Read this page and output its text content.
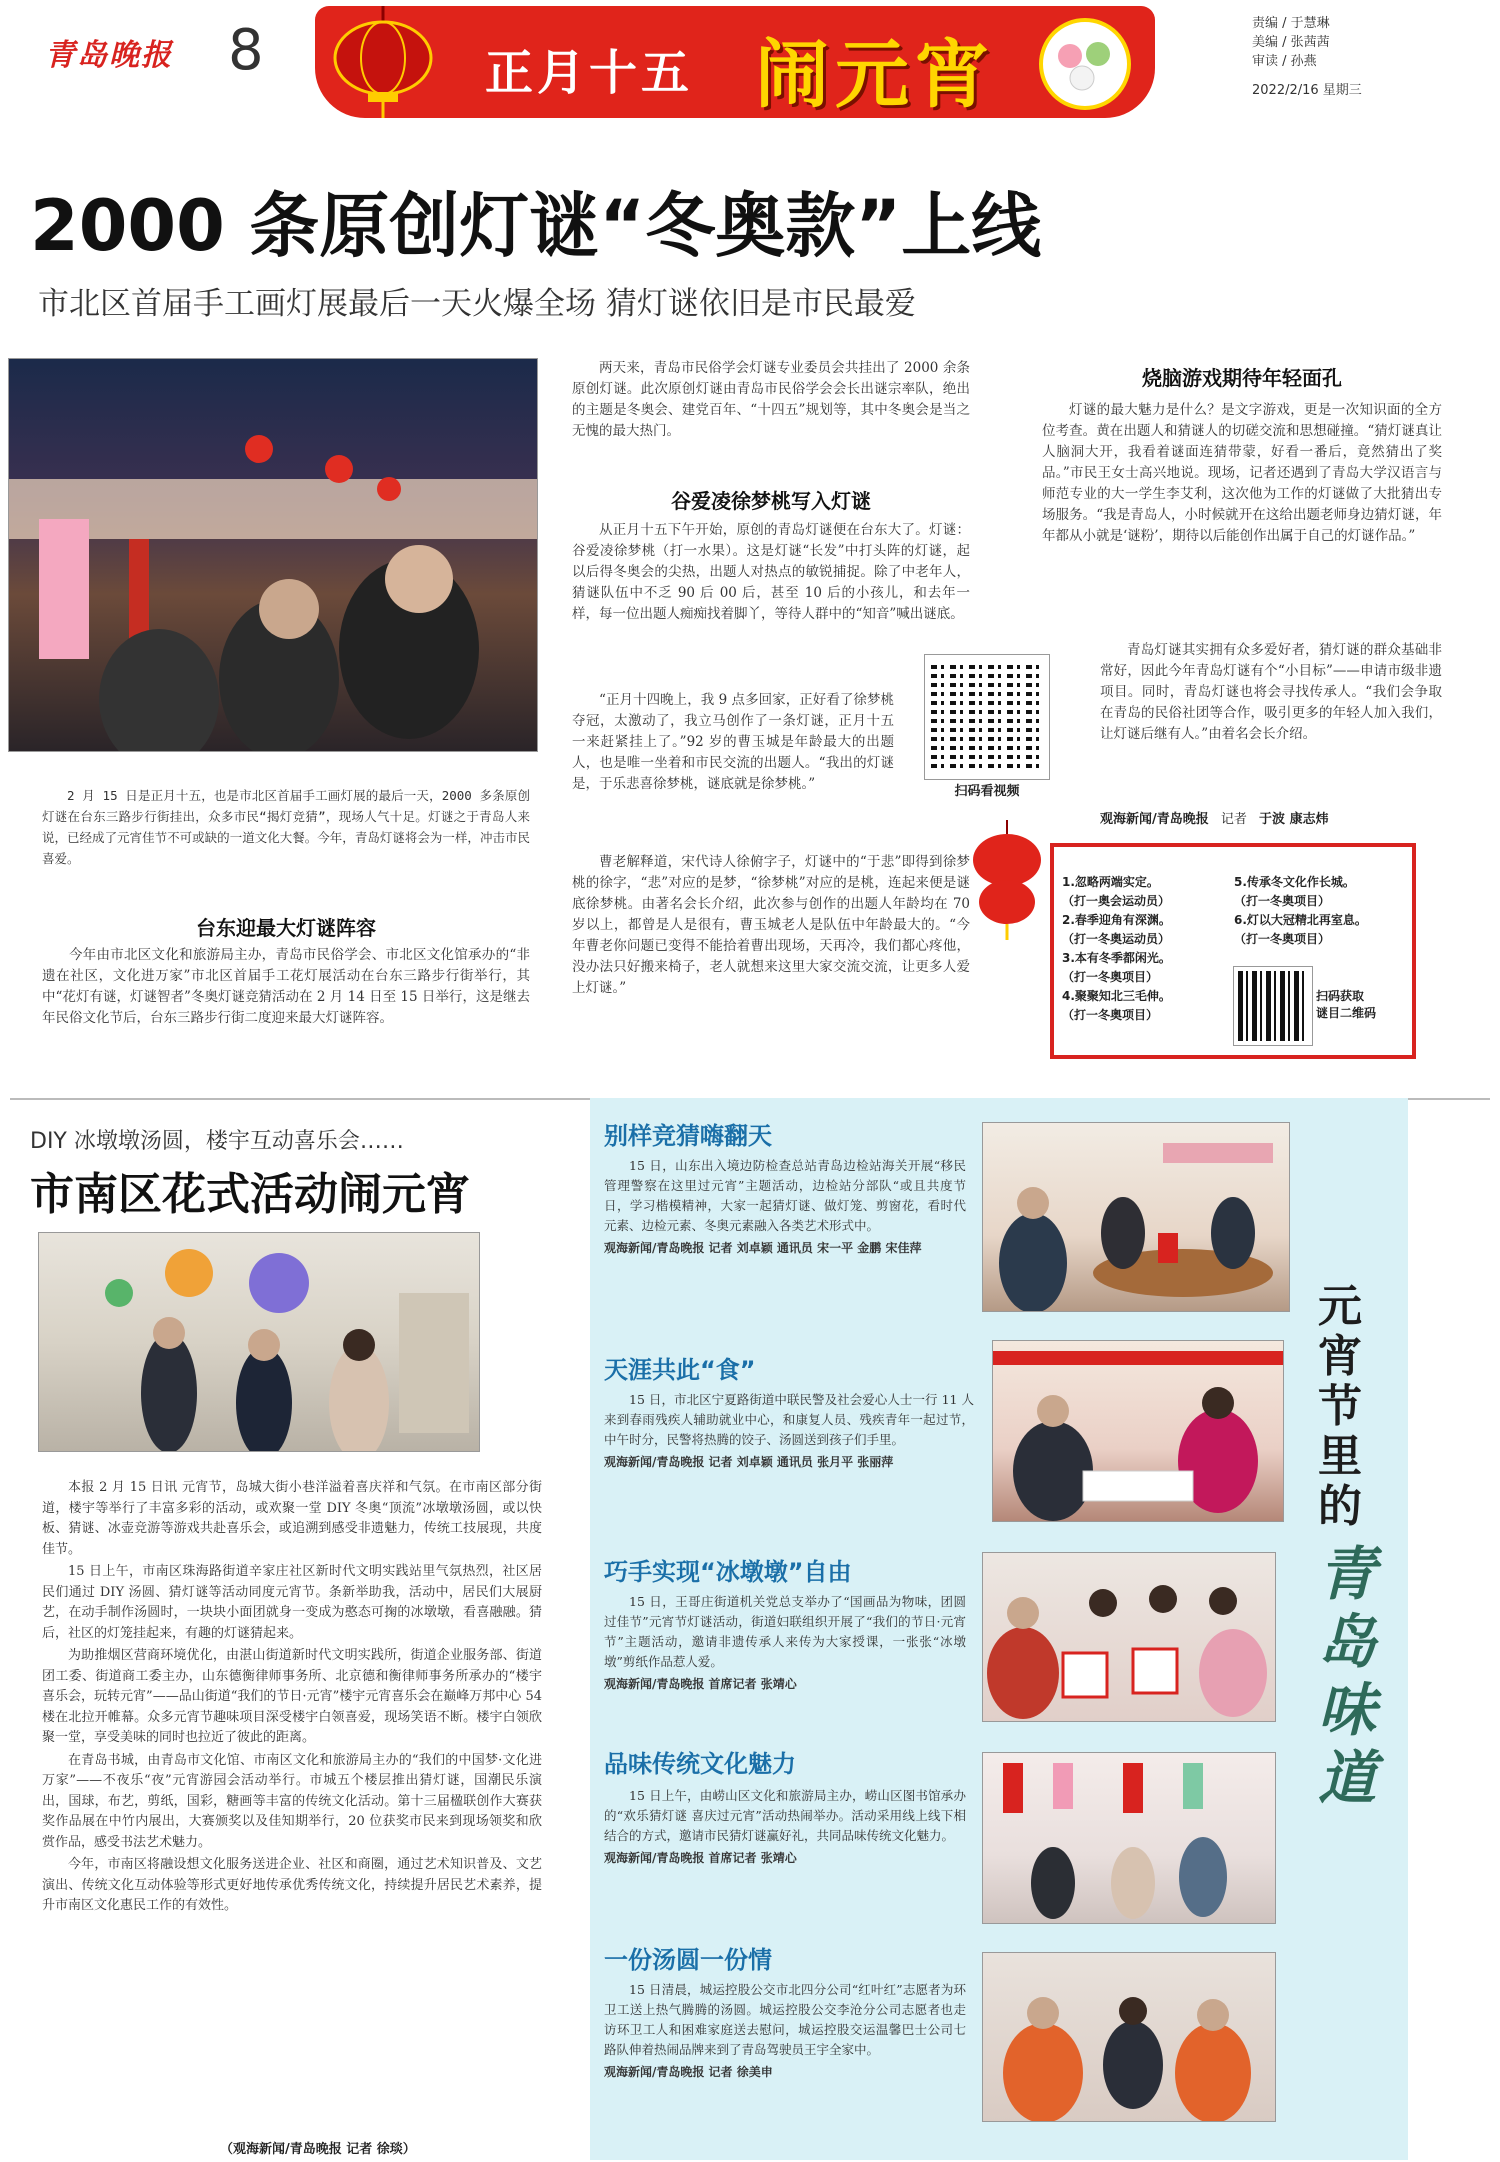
青岛晚报 8	正月十五 闹元宵
责编 / 于慧琳
美编 / 张茜茜
审读 / 孙燕
2022/2/16 星期三
2000 条原创灯谜“冬奥款”上线
市北区首届手工画灯展最后一天火爆全场 猜灯谜依旧是市民最爱

2 月 15 日是正月十五，也是市北区首届手工画灯展的最后一天，2000 多条原创灯谜在台东三路步行街挂出，众多市民“揭灯竞猜”，现场人气十足。灯谜之于青岛人来说，已经成了元宵佳节不可或缺的一道文化大餐。今年，青岛灯谜将会为一样，冲击市民喜爱。

台东迎最大灯谜阵容

今年由市北区文化和旅游局主办，青岛市民俗学会、市北区文化馆承办的“非遗在社区，文化进万家”市北区首届手工花灯展活动在台东三路步行街举行，其中“花灯有谜，灯谜智者”冬奥灯谜竞猜活动在 2 月 14 日至 15 日举行，这是继去年民俗文化节后，台东三路步行街二度迎来最大灯谜阵容。

两天来，青岛市民俗学会灯谜专业委员会共挂出了 2000 余条原创灯谜。此次原创灯谜由青岛市民俗学会会长出谜宗率队，绝出的主题是冬奥会、建党百年、“十四五”规划等，其中冬奥会是当之无愧的最大热门。

谷爱凌徐梦桃写入灯谜

从正月十五下午开始，原创的青岛灯谜便在台东大了。灯谜：谷爱凌徐梦桃（打一水果）。这是灯谜“长发”中打头阵的灯谜，起以后得冬奥会的尖热，出题人对热点的敏锐捕捉。除了中老年人，猜谜队伍中不乏 90 后 00 后，甚至 10 后的小孩儿，和去年一样，每一位出题人痴痴找着脚丫，等待人群中的“知音”喊出谜底。

“正月十四晚上，我 9 点多回家，正好看了徐梦桃夺冠，太激动了，我立马创作了一条灯谜，正月十五一来赶紧挂上了。”92 岁的曹玉城是年龄最大的出题人，也是唯一坐着和市民交流的出题人。“我出的灯谜是，于乐悲喜徐梦桃，谜底就是徐梦桃。”

曹老解释道，宋代诗人徐俯字子，灯谜中的“于悲”即得到徐梦桃的徐字，“悲”对应的是梦，“徐梦桃”对应的是桃，连起来便是谜底徐梦桃。由著名会长介绍，此次参与创作的出题人年龄均在 70 岁以上，都曾是人是很有，曹玉城老人是队伍中年龄最大的。“今年曹老你问题已变得不能拾着曹出现场，天再冷，我们都心疼他，没办法只好搬来椅子，老人就想来这里大家交流交流，让更多人爱上灯谜。”

扫码看视频
烧脑游戏期待年轻面孔

灯谜的最大魅力是什么？是文字游戏，更是一次知识面的全方位考查。黄在出题人和猜谜人的切磋交流和思想碰撞。“猜灯谜真让人脑洞大开，我看着谜面连猜带蒙，好看一番后，竟然猜出了奖品。”市民王女士高兴地说。现场，记者还遇到了青岛大学汉语言与师范专业的大一学生李艾利，这次他为工作的灯谜做了大批猜出专场服务。“我是青岛人，小时候就开在这给出题老师身边猜灯谜，年年都从小就是‘谜粉’，期待以后能创作出属于自己的灯谜作品。”

青岛灯谜其实拥有众多爱好者，猜灯谜的群众基础非常好，因此今年青岛灯谜有个“小目标”——申请市级非遗项目。同时，青岛灯谜也将会寻找传承人。“我们会争取在青岛的民俗社团等合作，吸引更多的年轻人加入我们，让灯谜后继有人。”由着名会长介绍。

观海新闻/青岛晚报 记者 于波 康志炜
1.忽略两端实定。
（打一奥会运动员）
2.春季迎角有深渊。
（打一冬奥运动员）
3.本有冬季都闲光。
（打一冬奥项目）
4.聚聚知北三毛伸。
（打一冬奥项目）
5.传承冬文化作长城。
（打一冬奥项目）
6.灯以大冠精北再室息。
（打一冬奥项目）
扫码获取
谜目二维码
DIY 冰墩墩汤圆，楼宇互动喜乐会……
市南区花式活动闹元宵

本报 2 月 15 日讯 元宵节，岛城大街小巷洋溢着喜庆祥和气氛。在市南区部分街道，楼宇等举行了丰富多彩的活动，或欢聚一堂 DIY 冬奥“顶流”冰墩墩汤圆，或以快板、猜谜、冰壶竞游等游戏共赴喜乐会，或追溯到感受非遗魅力，传统工技展现，共度佳节。

15 日上午，市南区珠海路街道辛家庄社区新时代文明实践站里气氛热烈，社区居民们通过 DIY 汤圆、猜灯谜等活动同度元宵节。条新举助我，活动中，居民们大展厨艺，在动手制作汤圆时，一块块小面团就身一变成为憨态可掬的冰墩墩，看喜融融。猜后，社区的灯笼挂起来，有趣的灯谜猜起来。

为助推烟区营商环境优化，由湛山街道新时代文明实践所，街道企业服务部、街道团工委、街道商工委主办，山东德衡律师事务所、北京德和衡律师事务所承办的“楼宇喜乐会，玩转元宵”——品山街道“我们的节日·元宵”楼宇元宵喜乐会在巅峰万邦中心 54 楼在北拉开帷幕。众多元宵节趣味项目深受楼宇白领喜爱，现场笑语不断。楼宇白领欣聚一堂，享受美味的同时也拉近了彼此的距离。

在青岛书城，由青岛市文化馆、市南区文化和旅游局主办的“我们的中国梦·文化进万家”——不夜乐“夜”元宵游园会活动举行。市城五个楼层推出猜灯谜，国潮民乐演出，国球，布艺，剪纸，国彩，糖画等丰富的传统文化活动。第十三届楹联创作大赛获奖作品展在中竹内展出，大赛颁奖以及佳知期举行，20 位获奖市民来到现场领奖和欣赏作品，感受书法艺术魅力。

今年，市南区将融设想文化服务送进企业、社区和商圈，通过艺术知识普及、文艺演出、传统文化互动体验等形式更好地传承优秀传统文化，持续提升居民艺术素养，提升市南区文化惠民工作的有效性。

（观海新闻/青岛晚报 记者 徐琰）
元宵节里的
青岛味道
别样竞猜嗨翻天

15 日，山东出入境边防检查总站青岛边检站海关开展“移民管理警察在这里过元宵”主题活动，边检站分部队“或且共度节日，学习楷模精神，大家一起猜灯谜、做灯笼、剪窗花，看时代元素、边检元素、冬奥元素融入各类艺术形式中。

观海新闻/青岛晚报 记者 刘卓颖 通讯员 宋一平 金鹏 宋佳萍
天涯共此“食”

15 日，市北区宁夏路街道中联民警及社会爱心人士一行 11 人来到春雨残疾人辅助就业中心，和康复人员、残疾青年一起过节，中午时分，民警将热腾的饺子、汤圆送到孩子们手里。

观海新闻/青岛晚报 记者 刘卓颖 通讯员 张月平 张丽萍
巧手实现“冰墩墩”自由

15 日，王哥庄街道机关党总支举办了“国画品为物味，团圆过佳节”元宵节灯谜活动，街道妇联组织开展了“我们的节日·元宵节”主题活动，邀请非遗传承人来传为大家授课，一张张“冰墩墩”剪纸作品惹人爱。

观海新闻/青岛晚报 首席记者 张靖心
品味传统文化魅力

15 日上午，由崂山区文化和旅游局主办，崂山区图书馆承办的“欢乐猜灯谜 喜庆过元宵”活动热闹举办。活动采用线上线下相结合的方式，邀请市民猜灯谜赢好礼，共同品味传统文化魅力。

观海新闻/青岛晚报 首席记者 张靖心
一份汤圆一份情

15 日清晨，城运控股公交市北四分公司“红叶红”志愿者为环卫工送上热气腾腾的汤圆。城运控股公交李沧分公司志愿者也走访环卫工人和困难家庭送去慰问，城运控股交运温馨巴士公司七路队伸着热闹品牌来到了青岛驾驶员王宇全家中。

观海新闻/青岛晚报 记者 徐美申
